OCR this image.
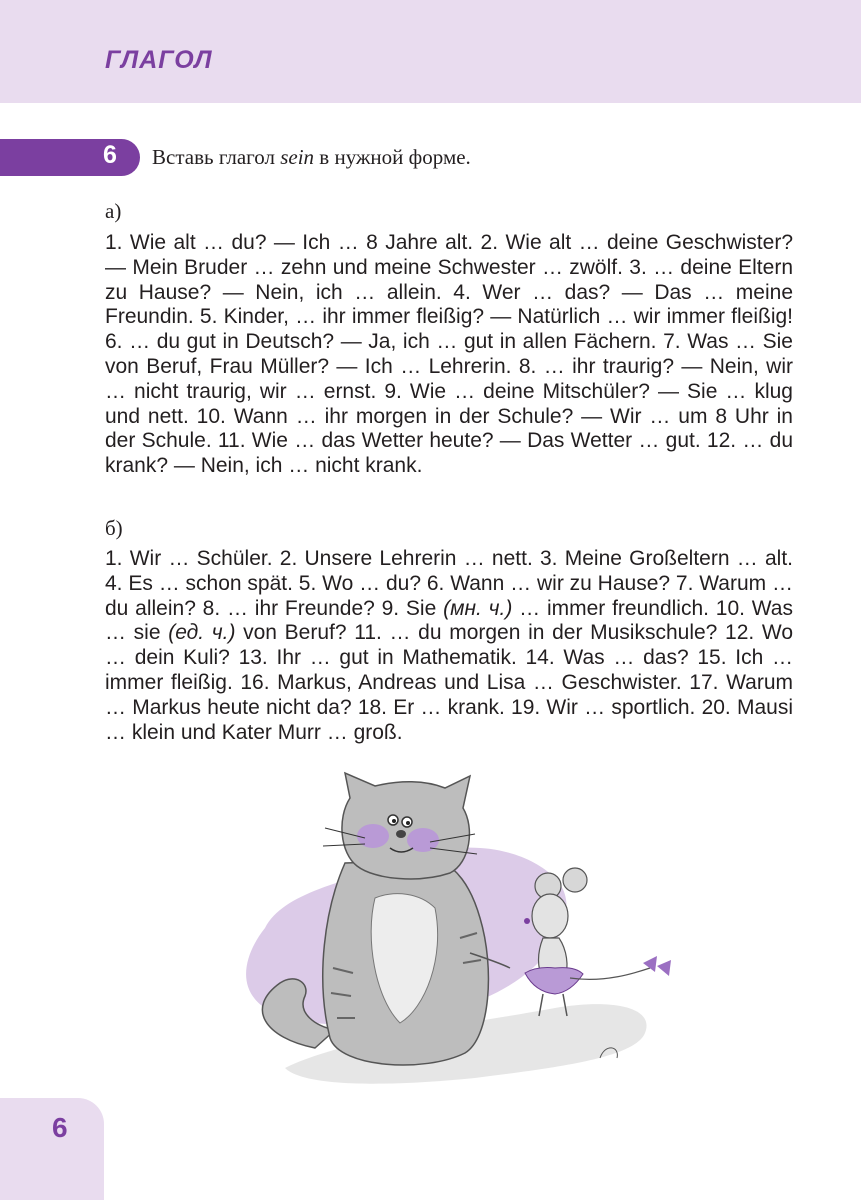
ГЛАГОЛ
6 Вставь глагол sein в нужной форме.
а)

1. Wie alt … du? — Ich … 8 Jahre alt. 2. Wie alt … deine Geschwister? — Mein Bruder … zehn und meine Schwester … zwölf. 3. … deine Eltern zu Hause? — Nein, ich … allein. 4. Wer … das? — Das … meine Freundin. 5. Kinder, … ihr immer fleißig? — Natürlich … wir immer fleißig! 6. … du gut in Deutsch? — Ja, ich … gut in allen Fächern. 7. Was … Sie von Beruf, Frau Müller? — Ich … Lehrerin. 8. … ihr traurig? — Nein, wir … nicht traurig, wir … ernst. 9. Wie … deine Mitschüler? — Sie … klug und nett. 10. Wann … ihr morgen in der Schule? — Wir … um 8 Uhr in der Schule. 11. Wie … das Wetter heute? — Das Wetter … gut. 12. … du krank? — Nein, ich … nicht krank.

б)

1. Wir … Schüler. 2. Unsere Lehrerin … nett. 3. Meine Großeltern … alt. 4. Es … schon spät. 5. Wo … du? 6. Wann … wir zu Hause? 7. Warum … du allein? 8. … ihr Freunde? 9. Sie (мн. ч.) … immer freundlich. 10. Was … sie (ед. ч.) von Beruf? 11. … du morgen in der Musikschule? 12. Wo … dein Kuli? 13. Ihr … gut in Mathematik. 14. Was … das? 15. Ich … immer fleißig. 16. Markus, Andreas und Lisa … Geschwister. 17. Warum … Markus heute nicht da? 18. Er … krank. 19. Wir … sportlich. 20. Mausi … klein und Kater Murr … groß.

6
